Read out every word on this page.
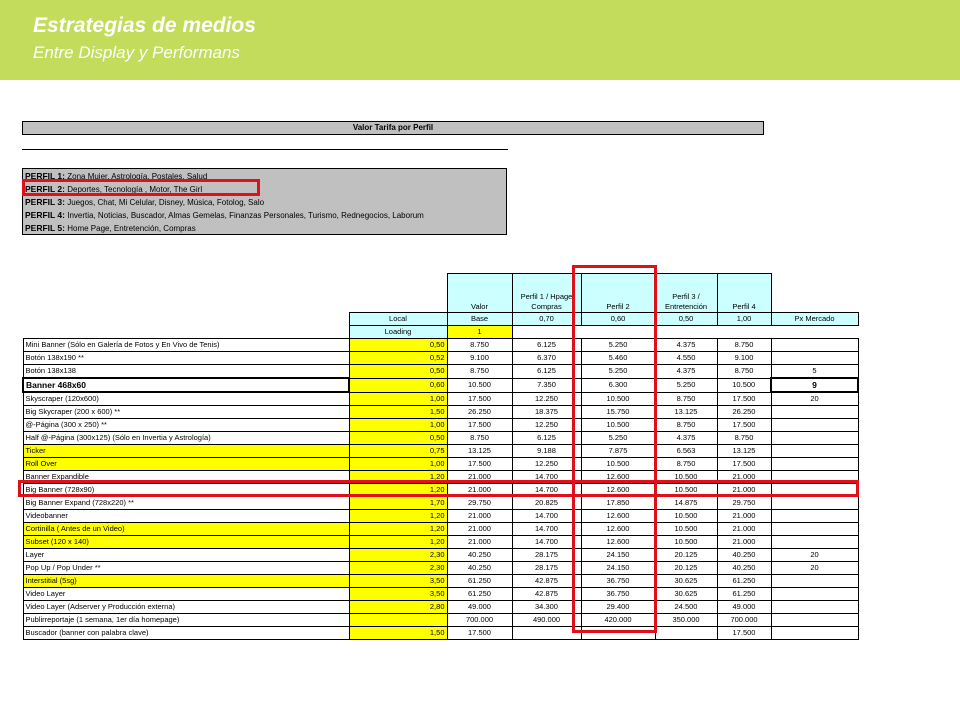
Estrategias de medios
Entre Display y Performans
Valor Tarifa por Perfil
PERFIL 1: Zona Mujer, Astrología, Postales, Salud
PERFIL 2: Deportes, Tecnología , Motor, The Girl
PERFIL 3: Juegos, Chat, Mi Celular, Disney, Música, Fotolog, Salo
PERFIL 4: Invertia, Noticias, Buscador, Almas Gemelas, Finanzas Personales, Turismo, Rednegocios, Laborum
PERFIL 5: Home Page, Entretención, Compras
		Valor	Perfil 1 / Hpage Compras	Perfil 2	Perfil 3 / Entretención	Perfil 4	
	Local	Base	0,70	0,60	0,50	1,00	Px Mercado
	Loading	1					
Mini Banner (Sólo en Galería de Fotos y En Vivo de Tenis)	0,50	8.750	6.125	5.250	4.375	8.750	
Botón 138x190 **	0,52	9.100	6.370	5.460	4.550	9.100	
Botón 138x138	0,50	8.750	6.125	5.250	4.375	8.750	5
Banner 468x60	0,60	10.500	7.350	6.300	5.250	10.500	9
Skyscraper (120x600)	1,00	17.500	12.250	10.500	8.750	17.500	20
Big Skycraper (200 x 600) **	1,50	26.250	18.375	15.750	13.125	26.250	
@-Página (300 x 250) **	1,00	17.500	12.250	10.500	8.750	17.500	
Half @-Página (300x125) (Sólo en Invertia y Astrología)	0,50	8.750	6.125	5.250	4.375	8.750	
Ticker	0,75	13.125	9.188	7.875	6.563	13.125	
Roll Over	1,00	17.500	12.250	10.500	8.750	17.500	
Banner Expandible	1,20	21.000	14.700	12.600	10.500	21.000	
Big Banner (728x90)	1,20	21.000	14.700	12.600	10.500	21.000	
Big Banner Expand (728x220) **	1,70	29.750	20.825	17.850	14.875	29.750	
Videobanner	1,20	21.000	14.700	12.600	10.500	21.000	
Cortinilla ( Antes de un Video)	1,20	21.000	14.700	12.600	10.500	21.000	
Subset (120 x 140)	1,20	21.000	14.700	12.600	10.500	21.000	
Layer	2,30	40.250	28.175	24.150	20.125	40.250	20
Pop Up / Pop Under **	2,30	40.250	28.175	24.150	20.125	40.250	20
Interstitial (5sg)	3,50	61.250	42.875	36.750	30.625	61.250	
Video Layer	3,50	61.250	42.875	36.750	30.625	61.250	
Video Layer (Adserver y Producción externa)	2,80	49.000	34.300	29.400	24.500	49.000	
Publirreportaje (1 semana, 1er día homepage)		700.000	490.000	420.000	350.000	700.000	
Buscador (banner con palabra clave)	1,50	17.500				17.500	
